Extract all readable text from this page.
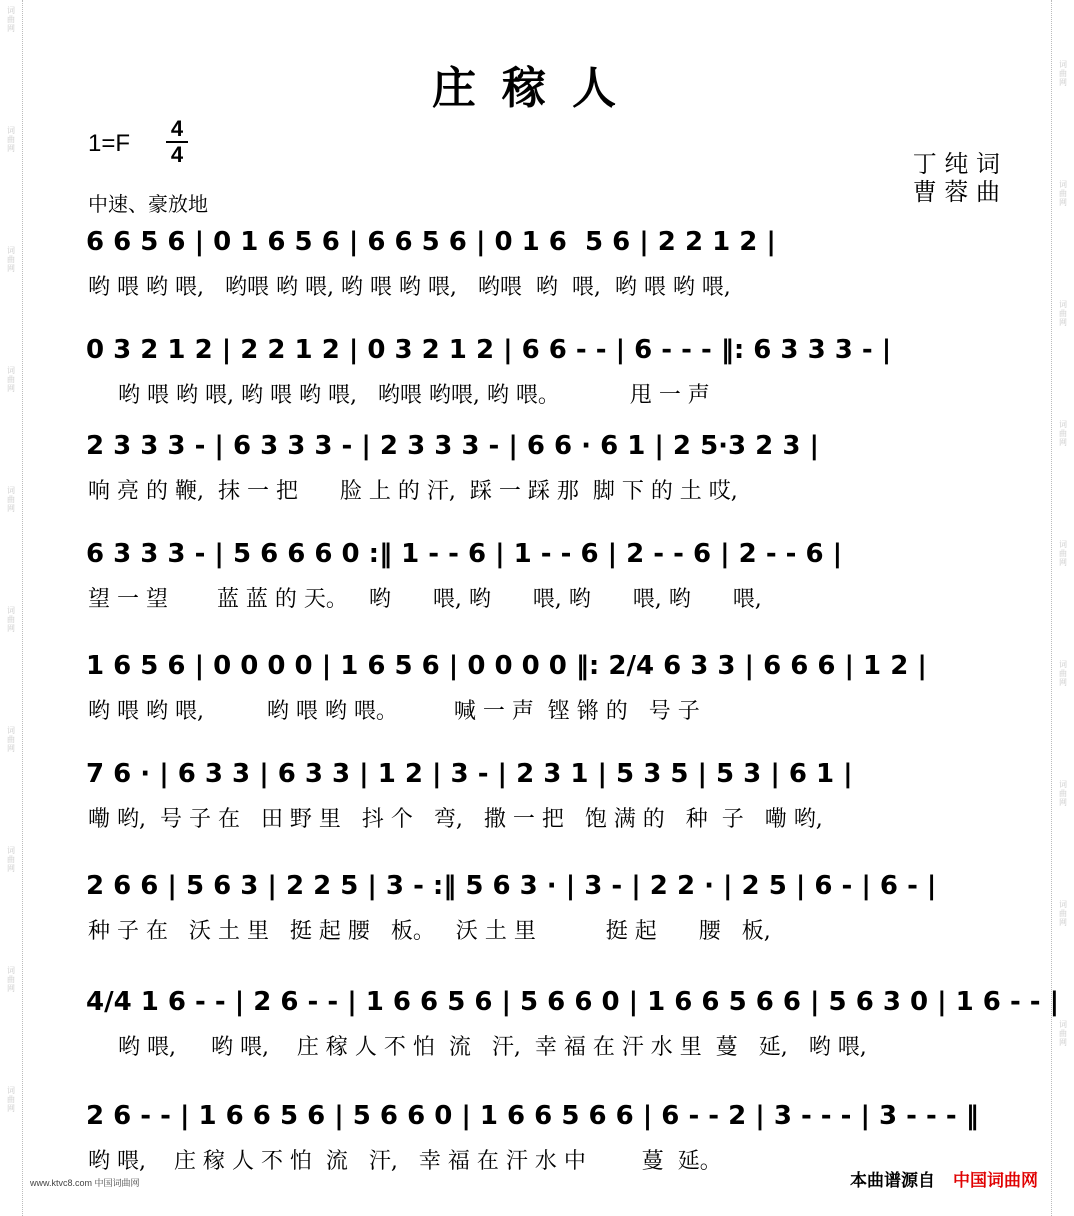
词曲网
词曲网
词曲网
词曲网
词曲网
词曲网
词曲网
词曲网
词曲网
词曲网
词曲网
词曲网
词曲网
词曲网
词曲网
词曲网
词曲网
词曲网
词曲网
庄稼人
1=F
4
4	丁 纯 词
曹 蓉 曲
中速、豪放地
6 6 5 6 | 0 1 6 5 6 | 6 6 5 6 | 0 1 6  5 6 | 2 2 1 2 |
哟 喂 哟 喂,   哟喂 哟 喂, 哟 喂 哟 喂,   哟喂  哟  喂,  哟 喂 哟 喂,
0 3 2 1 2 | 2 2 1 2 | 0 3 2 1 2 | 6 6 - - | 6 - - - ‖: 6 3 3 3 - |
哟 喂 哟 喂, 哟 喂 哟 喂,   哟喂 哟喂, 哟 喂。          甩 一 声
2 3 3 3 - | 6 3 3 3 - | 2 3 3 3 - | 6 6 · 6 1 | 2 5·3 2 3 |
响 亮 的 鞭,  抹 一 把      脸 上 的 汗,  踩 一 踩 那  脚 下 的 土 哎,
6 3 3 3 - | 5 6 6 6 0 :‖ 1 - - 6 | 1 - - 6 | 2 - - 6 | 2 - - 6 |
望 一 望       蓝 蓝 的 天。   哟      喂, 哟      喂, 哟      喂, 哟      喂,
1 6 5 6 | 0 0 0 0 | 1 6 5 6 | 0 0 0 0 ‖: 2/4 6 3 3 | 6 6 6 | 1 2 |
哟 喂 哟 喂,         哟 喂 哟 喂。        喊 一 声  铿 锵 的   号 子
7 6 · | 6 3 3 | 6 3 3 | 1 2 | 3 - | 2 3 1 | 5 3 5 | 5 3 | 6 1 |
嘞 哟,  号 子 在   田 野 里   抖 个   弯,   撒 一 把   饱 满 的   种  子   嘞 哟,
2 6 6 | 5 6 3 | 2 2 5 | 3 - :‖ 5 6 3 · | 3 - | 2 2 · | 2 5 | 6 - | 6 - |
种 子 在   沃 土 里   挺 起 腰   板。   沃 土 里          挺 起      腰   板,
4/4 1 6 - - | 2 6 - - | 1 6 6 5 6 | 5 6 6 0 | 1 6 6 5 6 6 | 5 6 3 0 | 1 6 - - |
哟 喂,     哟 喂,    庄 稼 人 不 怕  流   汗,  幸 福 在 汗 水 里  蔓   延,   哟 喂,
2 6 - - | 1 6 6 5 6 | 5 6 6 0 | 1 6 6 5 6 6 | 6 - - 2 | 3 - - - | 3 - - - ‖
哟 喂,    庄 稼 人 不 怕  流   汗,   幸 福 在 汗 水 中        蔓  延。
www.ktvc8.com 中国词曲网	本曲谱源自 中国词曲网
